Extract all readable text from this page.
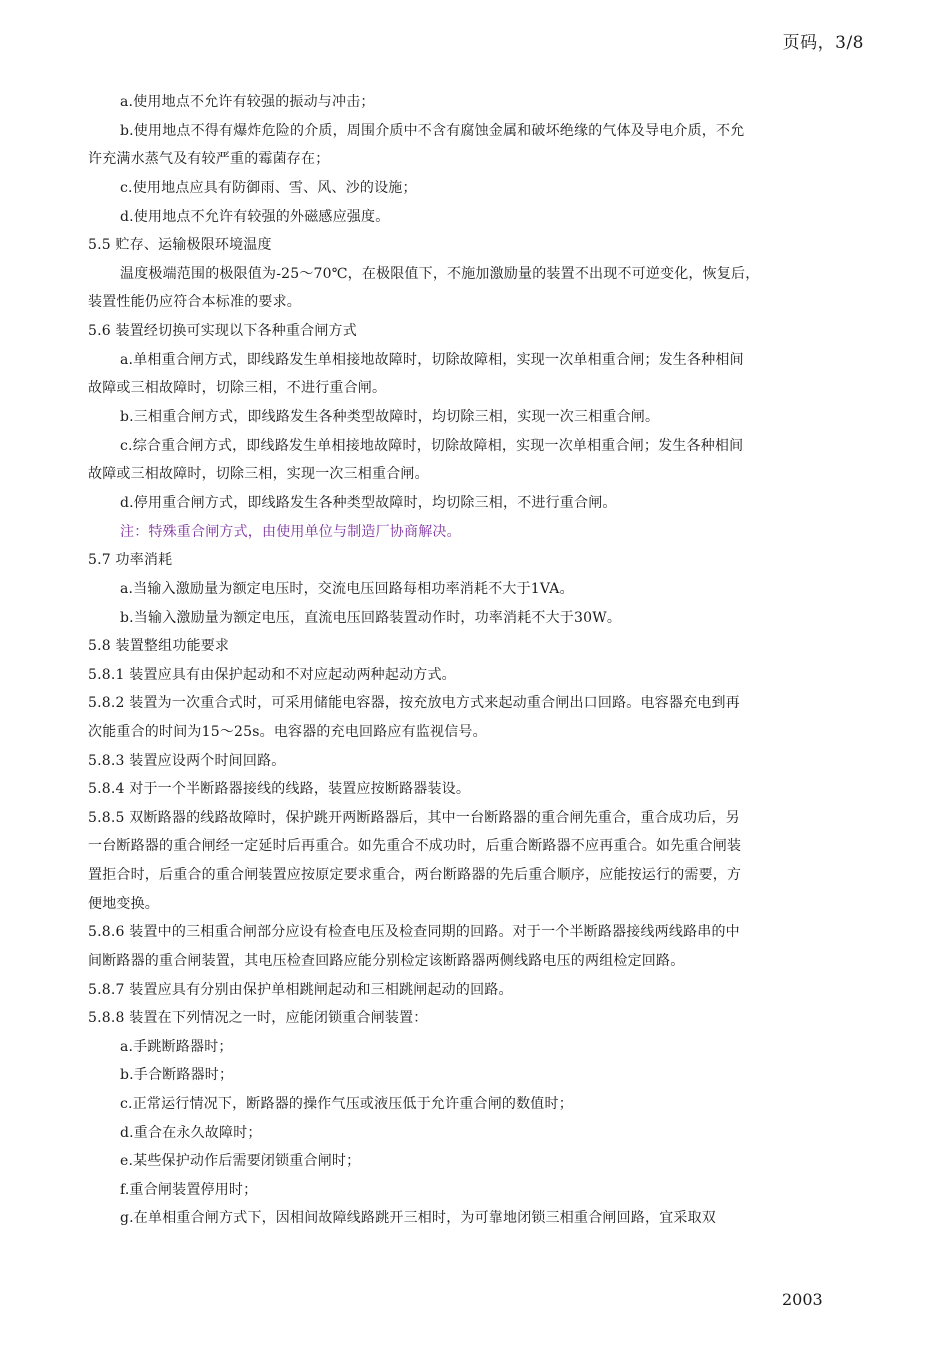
页码，3/8
a.使用地点不允许有较强的振动与冲击；
b.使用地点不得有爆炸危险的介质，周围介质中不含有腐蚀金属和破坏绝缘的气体及导电介质，不允
许充满水蒸气及有较严重的霉菌存在；
c.使用地点应具有防御雨、雪、风、沙的设施；
d.使用地点不允许有较强的外磁感应强度。
5.5 贮存、运输极限环境温度
温度极端范围的极限值为-25～70℃，在极限值下，不施加激励量的装置不出现不可逆变化，恢复后，
装置性能仍应符合本标准的要求。
5.6 装置经切换可实现以下各种重合闸方式
a.单相重合闸方式，即线路发生单相接地故障时，切除故障相，实现一次单相重合闸；发生各种相间
故障或三相故障时，切除三相，不进行重合闸。
b.三相重合闸方式，即线路发生各种类型故障时，均切除三相，实现一次三相重合闸。
c.综合重合闸方式，即线路发生单相接地故障时，切除故障相，实现一次单相重合闸；发生各种相间
故障或三相故障时，切除三相，实现一次三相重合闸。
d.停用重合闸方式，即线路发生各种类型故障时，均切除三相，不进行重合闸。
注：特殊重合闸方式，由使用单位与制造厂协商解决。
5.7 功率消耗
a.当输入激励量为额定电压时，交流电压回路每相功率消耗不大于1VA。
b.当输入激励量为额定电压，直流电压回路装置动作时，功率消耗不大于30W。
5.8 装置整组功能要求
5.8.1 装置应具有由保护起动和不对应起动两种起动方式。
5.8.2 装置为一次重合式时，可采用储能电容器，按充放电方式来起动重合闸出口回路。电容器充电到再
次能重合的时间为15～25s。电容器的充电回路应有监视信号。
5.8.3 装置应设两个时间回路。
5.8.4 对于一个半断路器接线的线路，装置应按断路器装设。
5.8.5 双断路器的线路故障时，保护跳开两断路器后，其中一台断路器的重合闸先重合，重合成功后，另
一台断路器的重合闸经一定延时后再重合。如先重合不成功时，后重合断路器不应再重合。如先重合闸装
置拒合时，后重合的重合闸装置应按原定要求重合，两台断路器的先后重合顺序，应能按运行的需要，方
便地变换。
5.8.6 装置中的三相重合闸部分应设有检查电压及检查同期的回路。对于一个半断路器接线两线路串的中
间断路器的重合闸装置，其电压检查回路应能分别检定该断路器两侧线路电压的两组检定回路。
5.8.7 装置应具有分别由保护单相跳闸起动和三相跳闸起动的回路。
5.8.8 装置在下列情况之一时，应能闭锁重合闸装置：
a.手跳断路器时；
b.手合断路器时；
c.正常运行情况下，断路器的操作气压或液压低于允许重合闸的数值时；
d.重合在永久故障时；
e.某些保护动作后需要闭锁重合闸时；
f.重合闸装置停用时；
g.在单相重合闸方式下，因相间故障线路跳开三相时，为可靠地闭锁三相重合闸回路，宜采取双
2003
